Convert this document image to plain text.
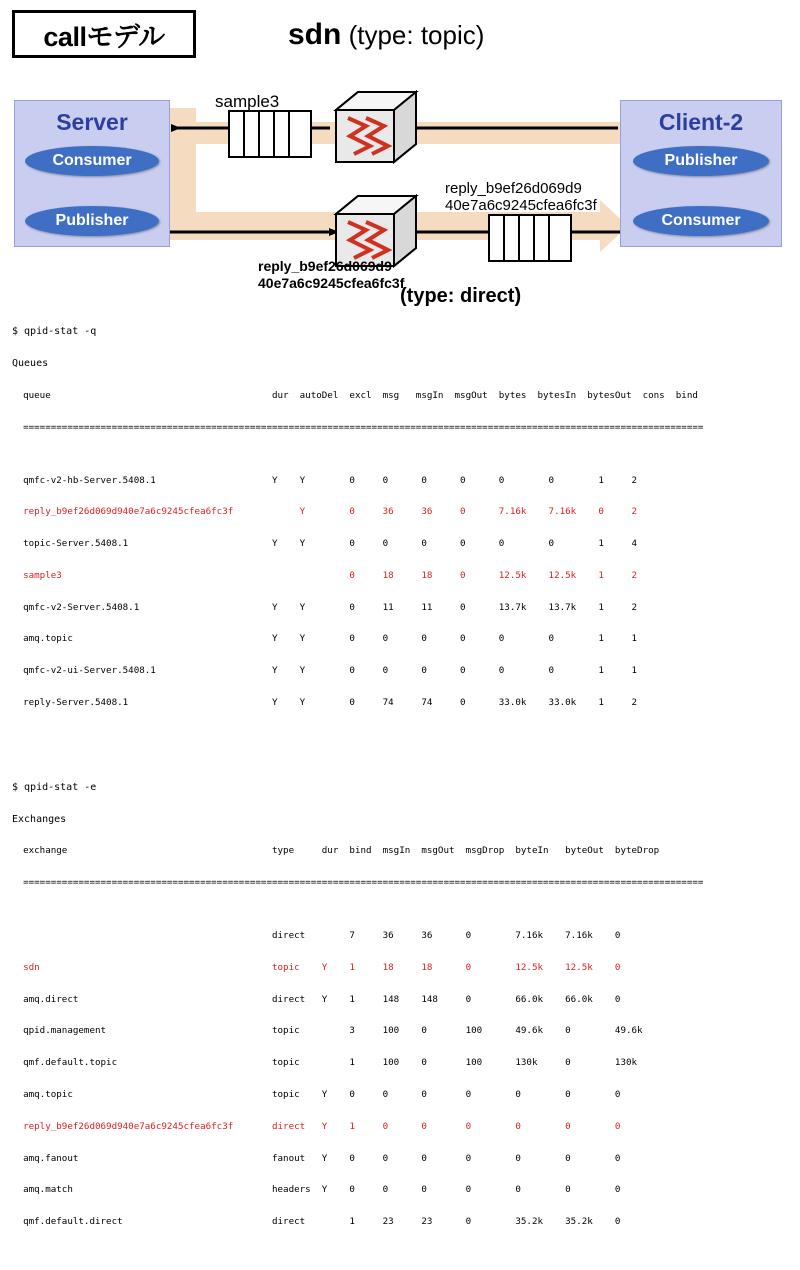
callモデル
Server
Consumer
Publisher
Client-2
Publisher
Consumer
sdn (type: topic)
(type: direct)
sample3
reply_b9ef26d069d9
40e7a6c9245cfea6fc3f
reply_b9ef26d069d9
40e7a6c9245cfea6fc3f

$ qpid-stat -q

Queues

queue                                        dur  autoDel  excl  msg   msgIn  msgOut  bytes  bytesIn  bytesOut  cons  bind

===========================================================================================================================

qmfc-v2-hb-Server.5408.1                     Y    Y        0     0      0      0      0        0        1     2

reply_b9ef26d069d940e7a6c9245cfea6fc3f            Y        0     36     36     0      7.16k    7.16k    0     2

topic-Server.5408.1                          Y    Y        0     0      0      0      0        0        1     4

sample3                                                    0     18     18     0      12.5k    12.5k    1     2

qmfc-v2-Server.5408.1                        Y    Y        0     11     11     0      13.7k    13.7k    1     2

amq.topic                                    Y    Y        0     0      0      0      0        0        1     1

qmfc-v2-ui-Server.5408.1                     Y    Y        0     0      0      0      0        0        1     1

reply-Server.5408.1                          Y    Y        0     74     74     0      33.0k    33.0k    1     2

$ qpid-stat -e

Exchanges

exchange                                     type     dur  bind  msgIn  msgOut  msgDrop  byteIn   byteOut  byteDrop

===========================================================================================================================

direct        7     36     36      0        7.16k    7.16k    0

sdn                                          topic    Y    1     18     18      0        12.5k    12.5k    0

amq.direct                                   direct   Y    1     148    148     0        66.0k    66.0k    0

qpid.management                              topic         3     100    0       100      49.6k    0        49.6k

qmf.default.topic                            topic         1     100    0       100      130k     0        130k

amq.topic                                    topic    Y    0     0      0       0        0        0        0

reply_b9ef26d069d940e7a6c9245cfea6fc3f       direct   Y    1     0      0       0        0        0        0

amq.fanout                                   fanout   Y    0     0      0       0        0        0        0

amq.match                                    headers  Y    0     0      0       0        0        0        0

qmf.default.direct                           direct        1     23     23      0        35.2k    35.2k    0
